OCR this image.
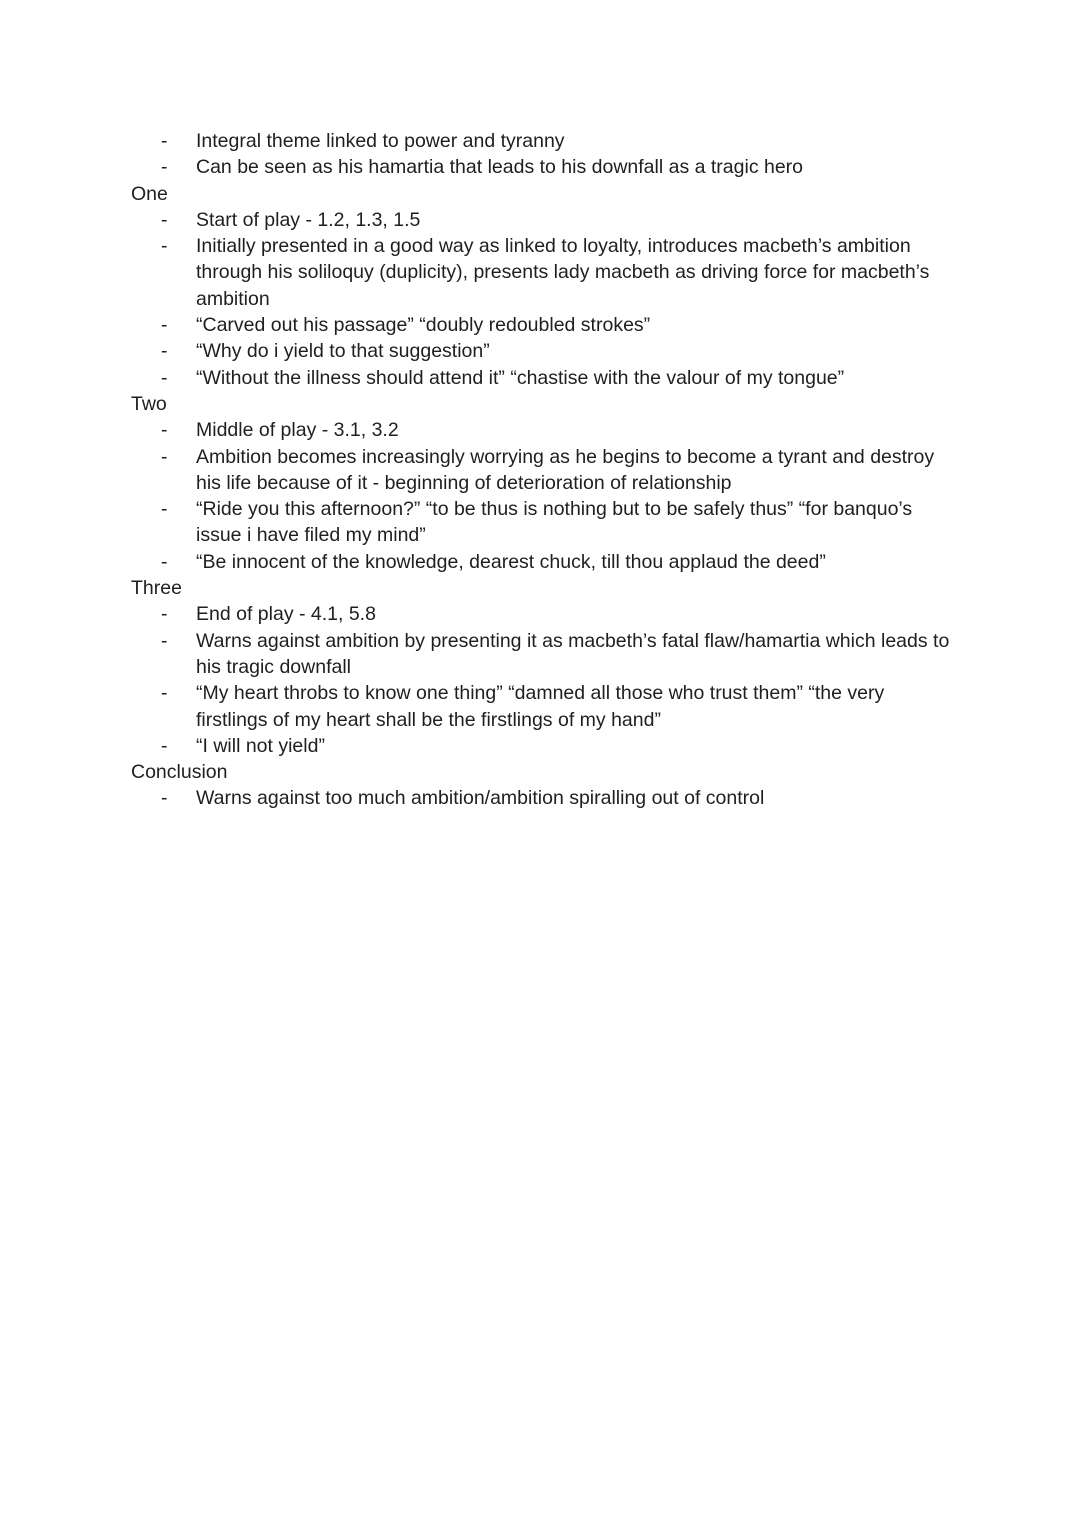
- Integral theme linked to power and tyranny
- Can be seen as his hamartia that leads to his downfall as a tragic hero
One
- Start of play - 1.2, 1.3, 1.5
- Initially presented in a good way as linked to loyalty, introduces macbeth’s ambition through his soliloquy (duplicity), presents lady macbeth as driving force for macbeth’s ambition
- “Carved out his passage” “doubly redoubled strokes”
- “Why do i yield to that suggestion”
- “Without the illness should attend it” “chastise with the valour of my tongue”
Two
- Middle of play - 3.1, 3.2
- Ambition becomes increasingly worrying as he begins to become a tyrant and destroy his life because of it - beginning of deterioration of relationship
- “Ride you this afternoon?” “to be thus is nothing but to be safely thus” “for banquo’s issue i have filed my mind”
- “Be innocent of the knowledge, dearest chuck, till thou applaud the deed”
Three
- End of play - 4.1, 5.8
- Warns against ambition by presenting it as macbeth’s fatal flaw/hamartia which leads to his tragic downfall
- “My heart throbs to know one thing” “damned all those who trust them” “the very firstlings of my heart shall be the firstlings of my hand”
- “I will not yield”
Conclusion
- Warns against too much ambition/ambition spiralling out of control
